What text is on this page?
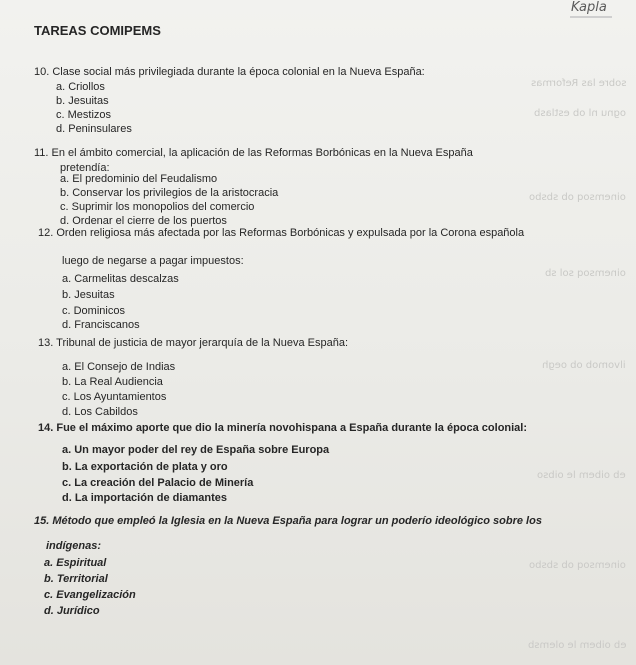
Kapla
sobre las Reformas
ognu nl ob estlasb
oinemsoq ob sbsbo
oinemsoq sol sb
ilvomob ob oegh
eb oibem le oibso
oinemsoq ob sbsbo
eb oibem le olemsb
TAREAS COMIPEMS
10. Clase social más privilegiada durante la época colonial en la Nueva España:
a. Criollos
b. Jesuitas
c. Mestizos
d. Peninsulares
11. En el ámbito comercial, la aplicación de las Reformas Borbónicas en la Nueva España
pretendía:
a. El predominio del Feudalismo
b. Conservar los privilegios de la aristocracia
c. Suprimir los monopolios del comercio
d. Ordenar el cierre de los puertos
12. Orden religiosa más afectada por las Reformas Borbónicas y expulsada por la Corona española
luego de negarse a pagar impuestos:
a. Carmelitas descalzas
b. Jesuitas
c. Dominicos
d. Franciscanos
13. Tribunal de justicia de mayor jerarquía de la Nueva España:
a. El Consejo de Indias
b. La Real Audiencia
c. Los Ayuntamientos
d. Los Cabildos
14. Fue el máximo aporte que dio la minería novohispana a España durante la época colonial:
a. Un mayor poder del rey de España sobre Europa
b. La exportación de plata y oro
c. La creación del Palacio de Minería
d. La importación de diamantes
15. Método que empleó la Iglesia en la Nueva España para lograr un poderío ideológico sobre los
indígenas:
a. Espiritual
b. Territorial
c. Evangelización
d. Jurídico
